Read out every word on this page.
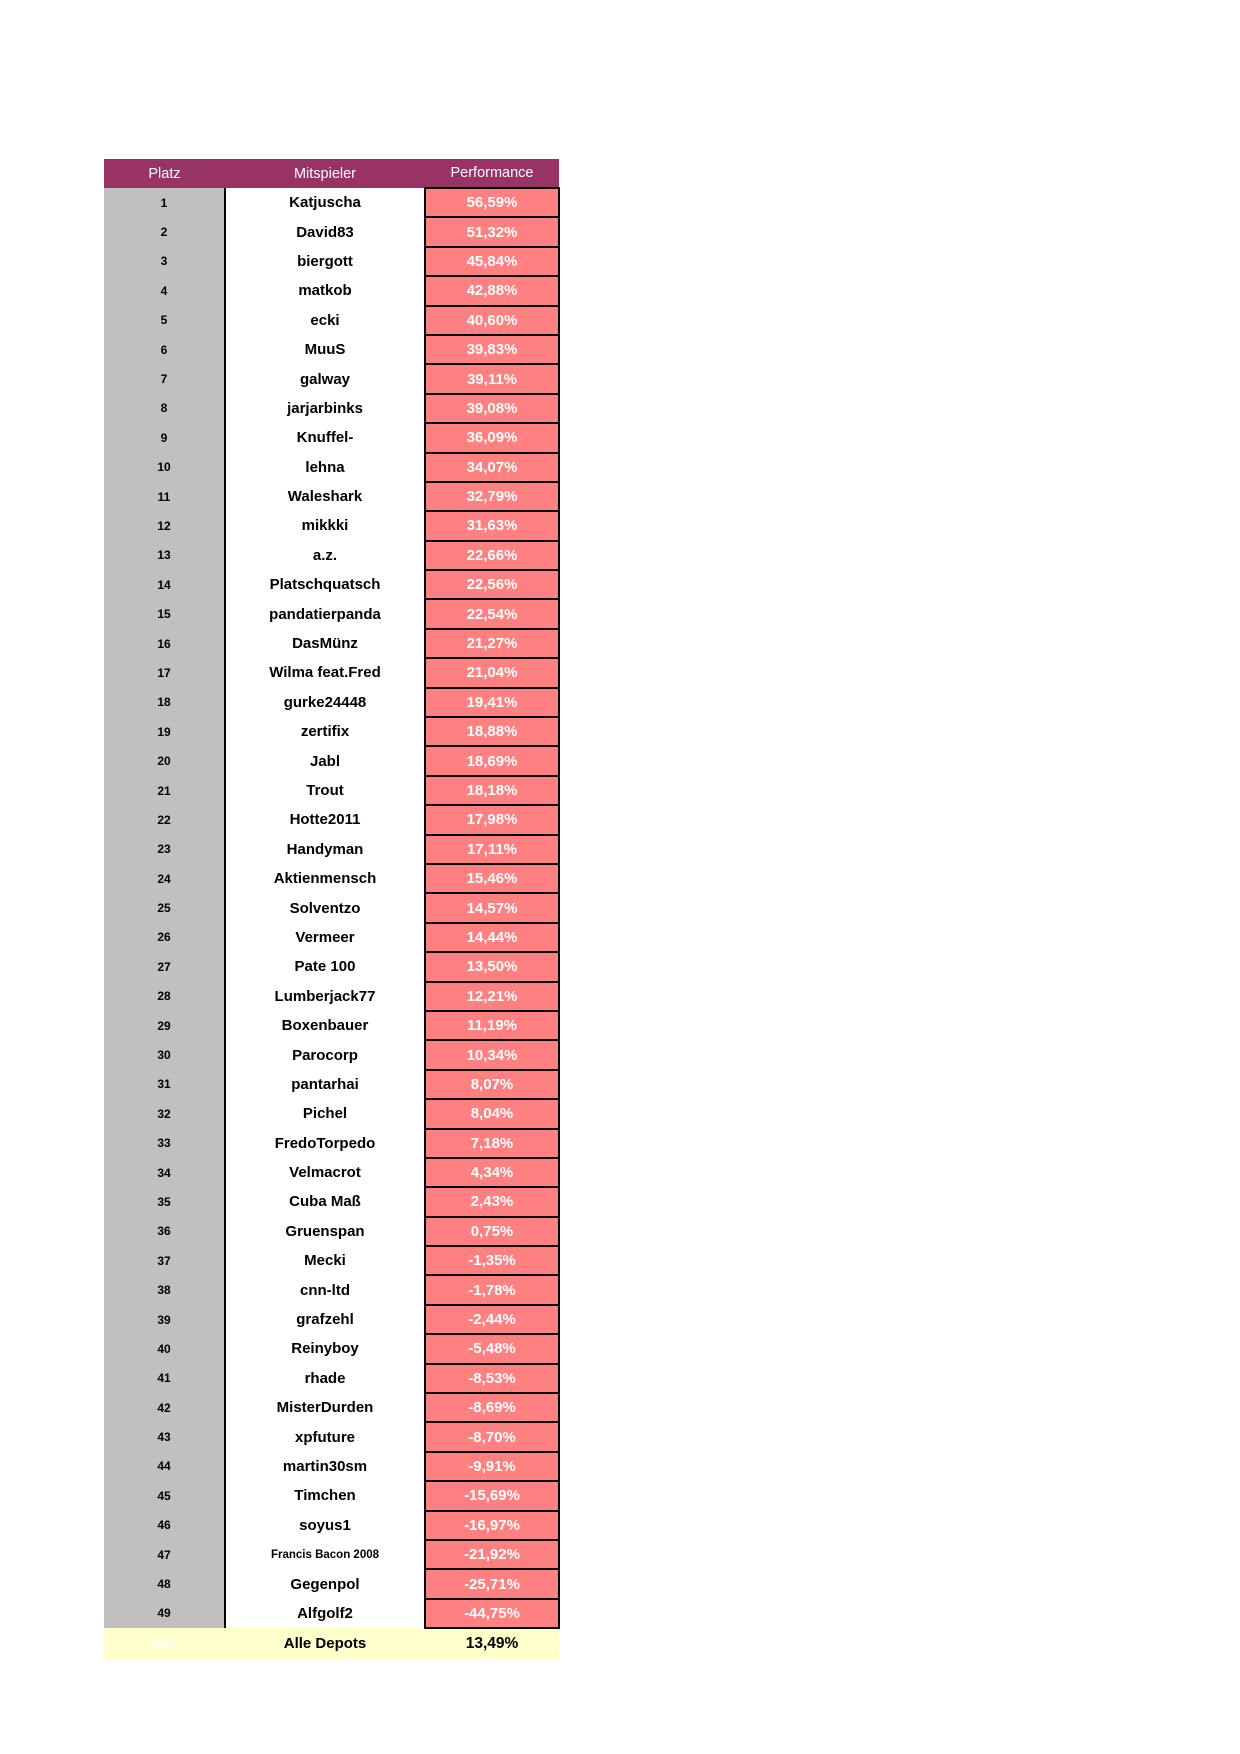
Platz	Mitspieler	Performance
1	Katjuscha	56,59%
2	David83	51,32%
3	biergott	45,84%
4	matkob	42,88%
5	ecki	40,60%
6	MuuS	39,83%
7	galway	39,11%
8	jarjarbinks	39,08%
9	Knuffel-	36,09%
10	lehna	34,07%
11	Waleshark	32,79%
12	mikkki	31,63%
13	a.z.	22,66%
14	Platschquatsch	22,56%
15	pandatierpanda	22,54%
16	DasMünz	21,27%
17	Wilma feat.Fred	21,04%
18	gurke24448	19,41%
19	zertifix	18,88%
20	Jabl	18,69%
21	Trout	18,18%
22	Hotte2011	17,98%
23	Handyman	17,11%
24	Aktienmensch	15,46%
25	Solventzo	14,57%
26	Vermeer	14,44%
27	Pate 100	13,50%
28	Lumberjack77	12,21%
29	Boxenbauer	11,19%
30	Parocorp	10,34%
31	pantarhai	8,07%
32	Pichel	8,04%
33	FredoTorpedo	7,18%
34	Velmacrot	4,34%
35	Cuba Maß	2,43%
36	Gruenspan	0,75%
37	Mecki	-1,35%
38	cnn-ltd	-1,78%
39	grafzehl	-2,44%
40	Reinyboy	-5,48%
41	rhade	-8,53%
42	MisterDurden	-8,69%
43	xpfuture	-8,70%
44	martin30sm	-9,91%
45	Timchen	-15,69%
46	soyus1	-16,97%
47	Francis Bacon 2008	-21,92%
48	Gegenpol	-25,71%
49	Alfgolf2	-44,75%
Alle	Alle Depots	13,49%
